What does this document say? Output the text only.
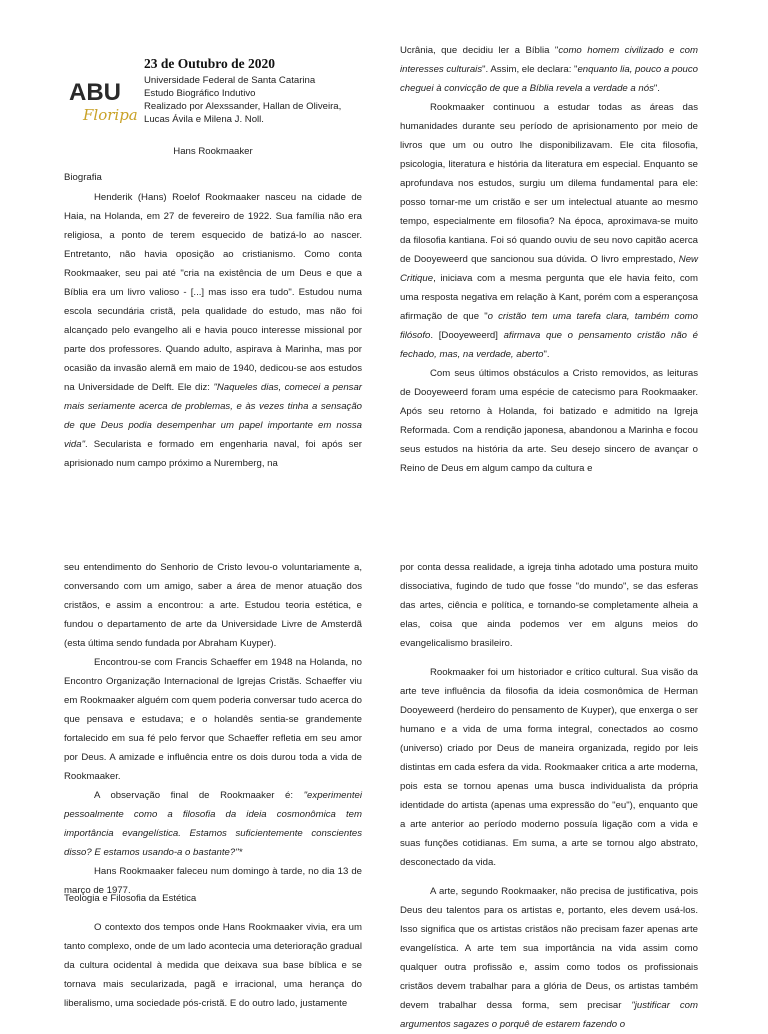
ABU
Floripa
23 de Outubro de 2020
Universidade Federal de Santa Catarina
Estudo Biográfico Indutivo
Realizado por Alexssander, Hallan de Oliveira,
Lucas Ávila e Milena J. Noll.
Hans Rookmaaker
Biografia

Henderik (Hans) Roelof Rookmaaker nasceu na cidade de Haia, na Holanda, em 27 de fevereiro de 1922. Sua família não era religiosa, a ponto de terem esquecido de batizá-lo ao nascer. Entretanto, não havia oposição ao cristianismo. Como conta Rookmaaker, seu pai até "cria na existência de um Deus e que a Bíblia era um livro valioso - [...] mas isso era tudo". Estudou numa escola secundária cristã, pela qualidade do estudo, mas não foi alcançado pelo evangelho ali e havia pouco interesse missional por parte dos professores. Quando adulto, aspirava à Marinha, mas por ocasião da invasão alemã em maio de 1940, dedicou-se aos estudos na Universidade de Delft. Ele diz: "Naqueles dias, comecei a pensar mais seriamente acerca de problemas, e às vezes tinha a sensação de que Deus podia desempenhar um papel importante em nossa vida". Secularista e formado em engenharia naval, foi após ser aprisionado num campo próximo a Nuremberg, na

Ucrânia, que decidiu ler a Bíblia "como homem civilizado e com interesses culturais". Assim, ele declara: "enquanto lia, pouco a pouco cheguei à convicção de que a Bíblia revela a verdade a nós".

Rookmaaker continuou a estudar todas as áreas das humanidades durante seu período de aprisionamento por meio de livros que um ou outro lhe disponibilizavam. Ele cita filosofia, psicologia, literatura e história da literatura em especial. Enquanto se aprofundava nos estudos, surgiu um dilema fundamental para ele: posso tornar-me um cristão e ser um intelectual atuante ao mesmo tempo, especialmente em filosofia? Na época, aproximava-se muito da filosofia kantiana. Foi só quando ouviu de seu novo capitão acerca de Dooyeweerd que sancionou sua dúvida. O livro emprestado, New Critique, iniciava com a mesma pergunta que ele havia feito, com uma resposta negativa em relação à Kant, porém com a esperançosa afirmação de que "o cristão tem uma tarefa clara, também como filósofo. [Dooyeweerd] afirmava que o pensamento cristão não é fechado, mas, na verdade, aberto".

Com seus últimos obstáculos a Cristo removidos, as leituras de Dooyeweerd foram uma espécie de catecismo para Rookmaaker. Após seu retorno à Holanda, foi batizado e admitido na Igreja Reformada. Com a rendição japonesa, abandonou a Marinha e focou seus estudos na história da arte. Seu desejo sincero de avançar o Reino de Deus em algum campo da cultura e

seu entendimento do Senhorio de Cristo levou-o voluntariamente a, conversando com um amigo, saber a área de menor atuação dos cristãos, e assim a encontrou: a arte. Estudou teoria estética, e fundou o departamento de arte da Universidade Livre de Amsterdã (esta última sendo fundada por Abraham Kuyper).

Encontrou-se com Francis Schaeffer em 1948 na Holanda, no Encontro Organização Internacional de Igrejas Cristãs. Schaeffer viu em Rookmaaker alguém com quem poderia conversar tudo acerca do que pensava e estudava; e o holandês sentia-se grandemente fortalecido em sua fé pelo fervor que Schaeffer refletia em seu amor por Deus. A amizade e influência entre os dois durou toda a vida de Rookmaaker.

A observação final de Rookmaaker é: "experimentei pessoalmente como a filosofia da ideia cosmonômica tem importância evangelística. Estamos suficientemente conscientes disso? E estamos usando-a o bastante?"*

Hans Rookmaaker faleceu num domingo à tarde, no dia 13 de março de 1977.

Teologia e Filosofia da Estética

O contexto dos tempos onde Hans Rookmaaker vivia, era um tanto complexo, onde de um lado acontecia uma deterioração gradual da cultura ocidental à medida que deixava sua base bíblica e se tornava mais secularizada, pagã e irracional, uma herança do liberalismo, uma sociedade pós-cristã. E do outro lado, justamente

por conta dessa realidade, a igreja tinha adotado uma postura muito dissociativa, fugindo de tudo que fosse "do mundo", se das esferas das artes, ciência e política, e tornando-se completamente alheia a elas, coisa que ainda podemos ver em alguns meios do evangelicalismo brasileiro.

Rookmaaker foi um historiador e crítico cultural. Sua visão da arte teve influência da filosofia da ideia cosmonômica de Herman Dooyeweerd (herdeiro do pensamento de Kuyper), que enxerga o ser humano e a vida de uma forma integral, conectados ao cosmo (universo) criado por Deus de maneira organizada, regido por leis distintas em cada esfera da vida. Rookmaaker critica a arte moderna, pois esta se tornou apenas uma busca individualista da própria identidade do artista (apenas uma expressão do "eu"), enquanto que a arte anterior ao período moderno possuía ligação com a vida e suas funções cotidianas. Em suma, a arte se tornou algo abstrato, desconectado da vida.

A arte, segundo Rookmaaker, não precisa de justificativa, pois Deus deu talentos para os artistas e, portanto, eles devem usá-los. Isso significa que os artistas cristãos não precisam fazer apenas arte evangelística. A arte tem sua importância na vida assim como qualquer outra profissão e, assim como todos os profissionais cristãos devem trabalhar para a glória de Deus, os artistas também devem trabalhar dessa forma, sem precisar "justificar com argumentos sagazes o porquê de estarem fazendo o
